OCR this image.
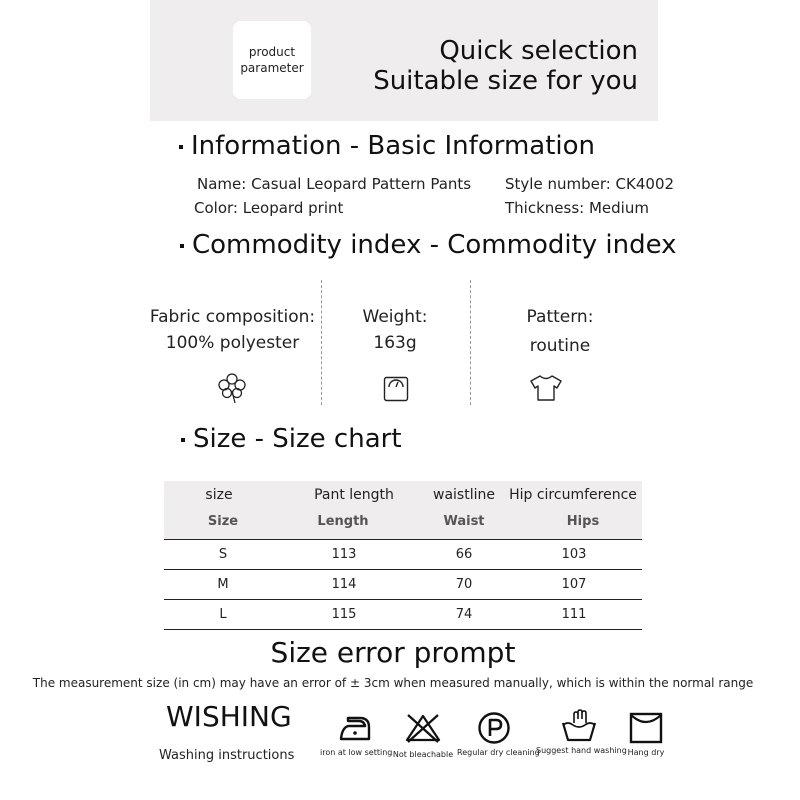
product
parameter
Quick selection
Suitable size for you
Information - Basic Information
Name: Casual Leopard Pattern Pants Style number: CK4002
Color: Leopard print	Thickness: Medium
Commodity index - Commodity index
Fabric composition:
100% polyester
Weight:
163g
Pattern:
routine
Size - Size chart
size	Pant length	waistline	Hip circumference
Size	Length	Waist	Hips
S	113	66	103
M	114	70	107
L	115	74	111
Size error prompt
The measurement size (in cm) may have an error of ± 3cm when measured manually, which is within the normal range
WISHING
Washing instructions	iron at low setting Not bleachable Regular dry cleaning
Suggest hand washing Hang dry
